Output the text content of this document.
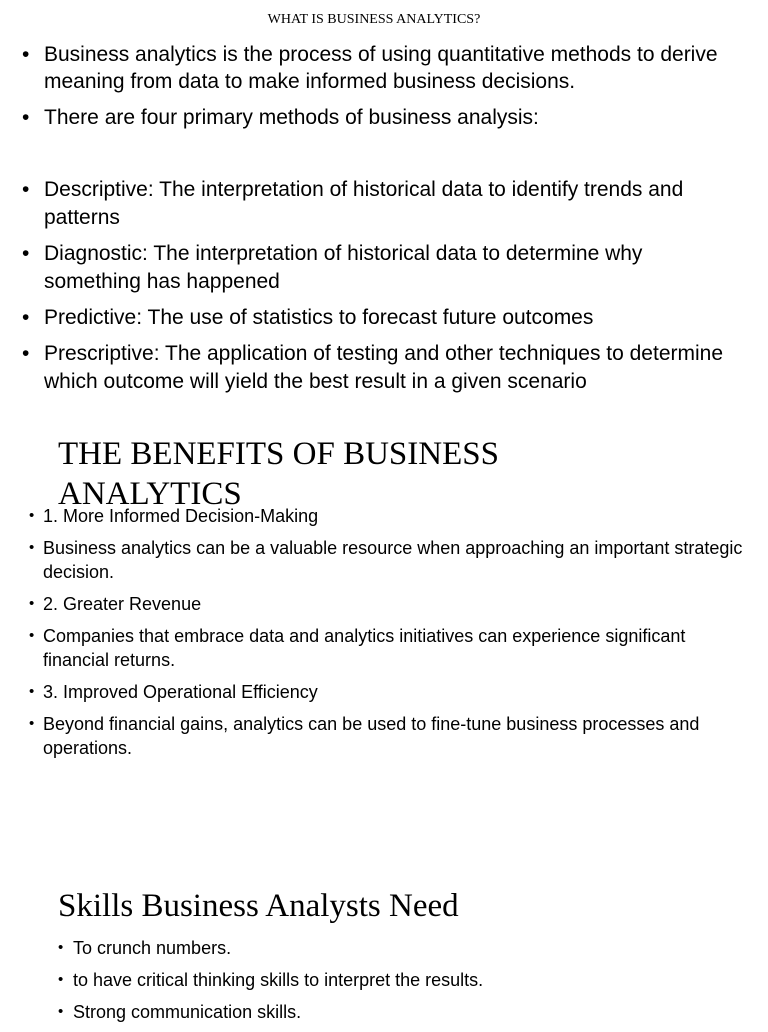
WHAT IS BUSINESS ANALYTICS?
• Business analytics is the process of using quantitative methods to derive meaning from data to make informed business decisions.
• There are four primary methods of business analysis:
• Descriptive: The interpretation of historical data to identify trends and patterns
• Diagnostic: The interpretation of historical data to determine why something has happened
• Predictive: The use of statistics to forecast future outcomes
• Prescriptive: The application of testing and other techniques to determine which outcome will yield the best result in a given scenario
THE BENEFITS OF BUSINESS ANALYTICS
• 1. More Informed Decision-Making
• Business analytics can be a valuable resource when approaching an important strategic decision.
• 2. Greater Revenue
• Companies that embrace data and analytics initiatives can experience significant financial returns.
• 3. Improved Operational Efficiency
• Beyond financial gains, analytics can be used to fine-tune business processes and operations.
Skills Business Analysts Need
• To crunch numbers.
• to have critical thinking skills to interpret the results.
• Strong communication skills.
